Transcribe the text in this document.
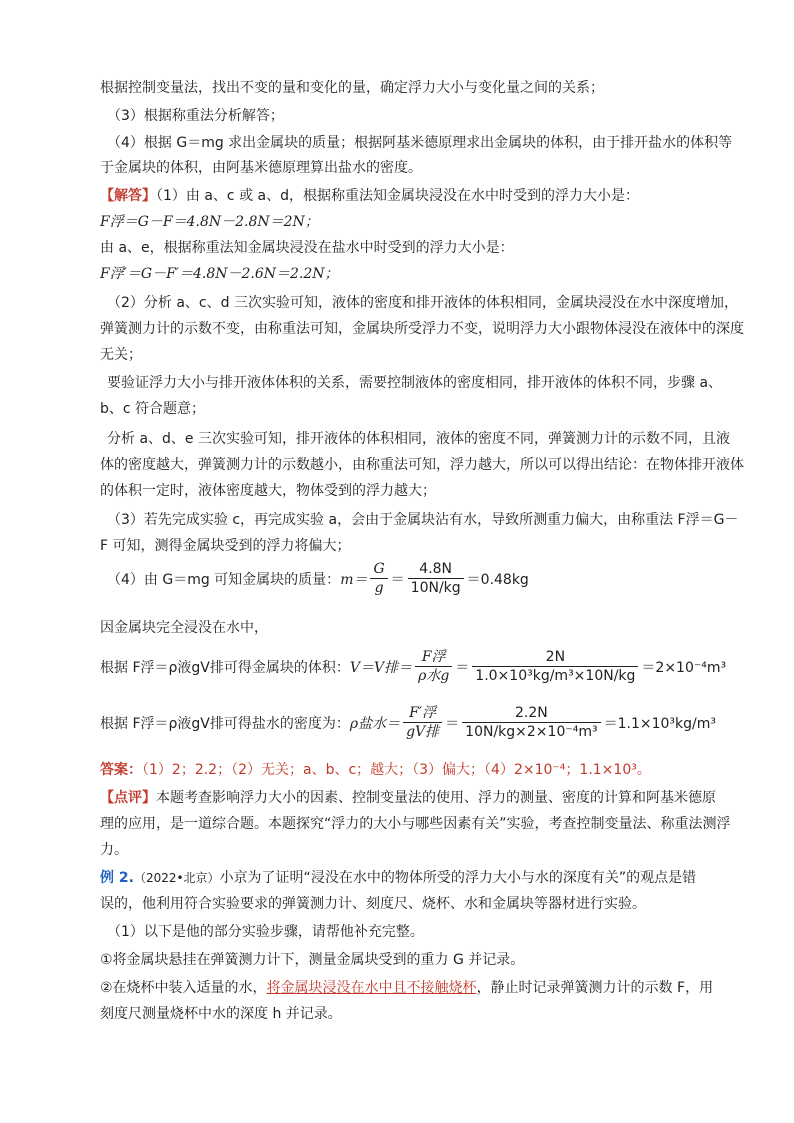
根据控制变量法，找出不变的量和变化的量，确定浮力大小与变化量之间的关系；
（3）根据称重法分析解答；
（4）根据 G＝mg 求出金属块的质量；根据阿基米德原理求出金属块的体积，由于排开盐水的体积等
于金属块的体积，由阿基米德原理算出盐水的密度。
【解答】（1）由 a、c 或 a、d，根据称重法知金属块浸没在水中时受到的浮力大小是：
F浮＝G－F＝4.8N－2.8N＝2N；
由 a、e，根据称重法知金属块浸没在盐水中时受到的浮力大小是：
F浮′＝G－F′＝4.8N－2.6N＝2.2N；
（2）分析 a、c、d 三次实验可知，液体的密度和排开液体的体积相同，金属块浸没在水中深度增加，
弹簧测力计的示数不变，由称重法可知，金属块所受浮力不变，说明浮力大小跟物体浸没在液体中的深度
无关；
要验证浮力大小与排开液体体积的关系，需要控制液体的密度相同，排开液体的体积不同，步骤 a、
b、c 符合题意；
分析 a、d、e 三次实验可知，排开液体的体积相同，液体的密度不同，弹簧测力计的示数不同，且液
体的密度越大，弹簧测力计的示数越小，由称重法可知，浮力越大，所以可以得出结论：在物体排开液体
的体积一定时，液体密度越大，物体受到的浮力越大；
（3）若先完成实验 c，再完成实验 a，会由于金属块沾有水，导致所测重力偏大，由称重法 F浮＝G－
F 可知，测得金属块受到的浮力将偏大；
（4）由 G＝mg 可知金属块的质量： $m= \frac{G}{g} = \frac{4.8N}{10N/kg} =0.48kg$
因金属块完全浸没在水中，
根据 F浮＝ρ液gV排可得金属块的体积： V＝V排＝ $\frac{\text{F浮}}{\text{ρ水g}} = \frac{2N}{\text{1.0×10³kg/m³×10N/kg}} =2\times 10^{-4}m^3$
根据 F浮＝ρ液gV排可得盐水的密度为： ρ盐水＝ $\frac{\text{F′浮}}{\text{gV排}} = \frac{2.2N}{\text{10N/kg×2×10⁻⁴m³}} =1.1\times 10^3kg/m^3$
答案：（1）2；2.2；（2）无关；a、b、c；越大；（3）偏大；（4）2×10⁻⁴；1.1×10³。
【点评】本题考查影响浮力大小的因素、控制变量法的使用、浮力的测量、密度的计算和阿基米德原
理的应用，是一道综合题。本题探究“浮力的大小与哪些因素有关”实验，考查控制变量法、称重法测浮
力。
例 2.（2022•北京）小京为了证明“浸没在水中的物体所受的浮力大小与水的深度有关”的观点是错
误的，他利用符合实验要求的弹簧测力计、刻度尺、烧杯、水和金属块等器材进行实验。
（1）以下是他的部分实验步骤，请帮他补充完整。
①将金属块悬挂在弹簧测力计下，测量金属块受到的重力 G 并记录。
②在烧杯中装入适量的水，将金属块浸没在水中且不接触烧杯，静止时记录弹簧测力计的示数 F，用
刻度尺测量烧杯中水的深度 h 并记录。
